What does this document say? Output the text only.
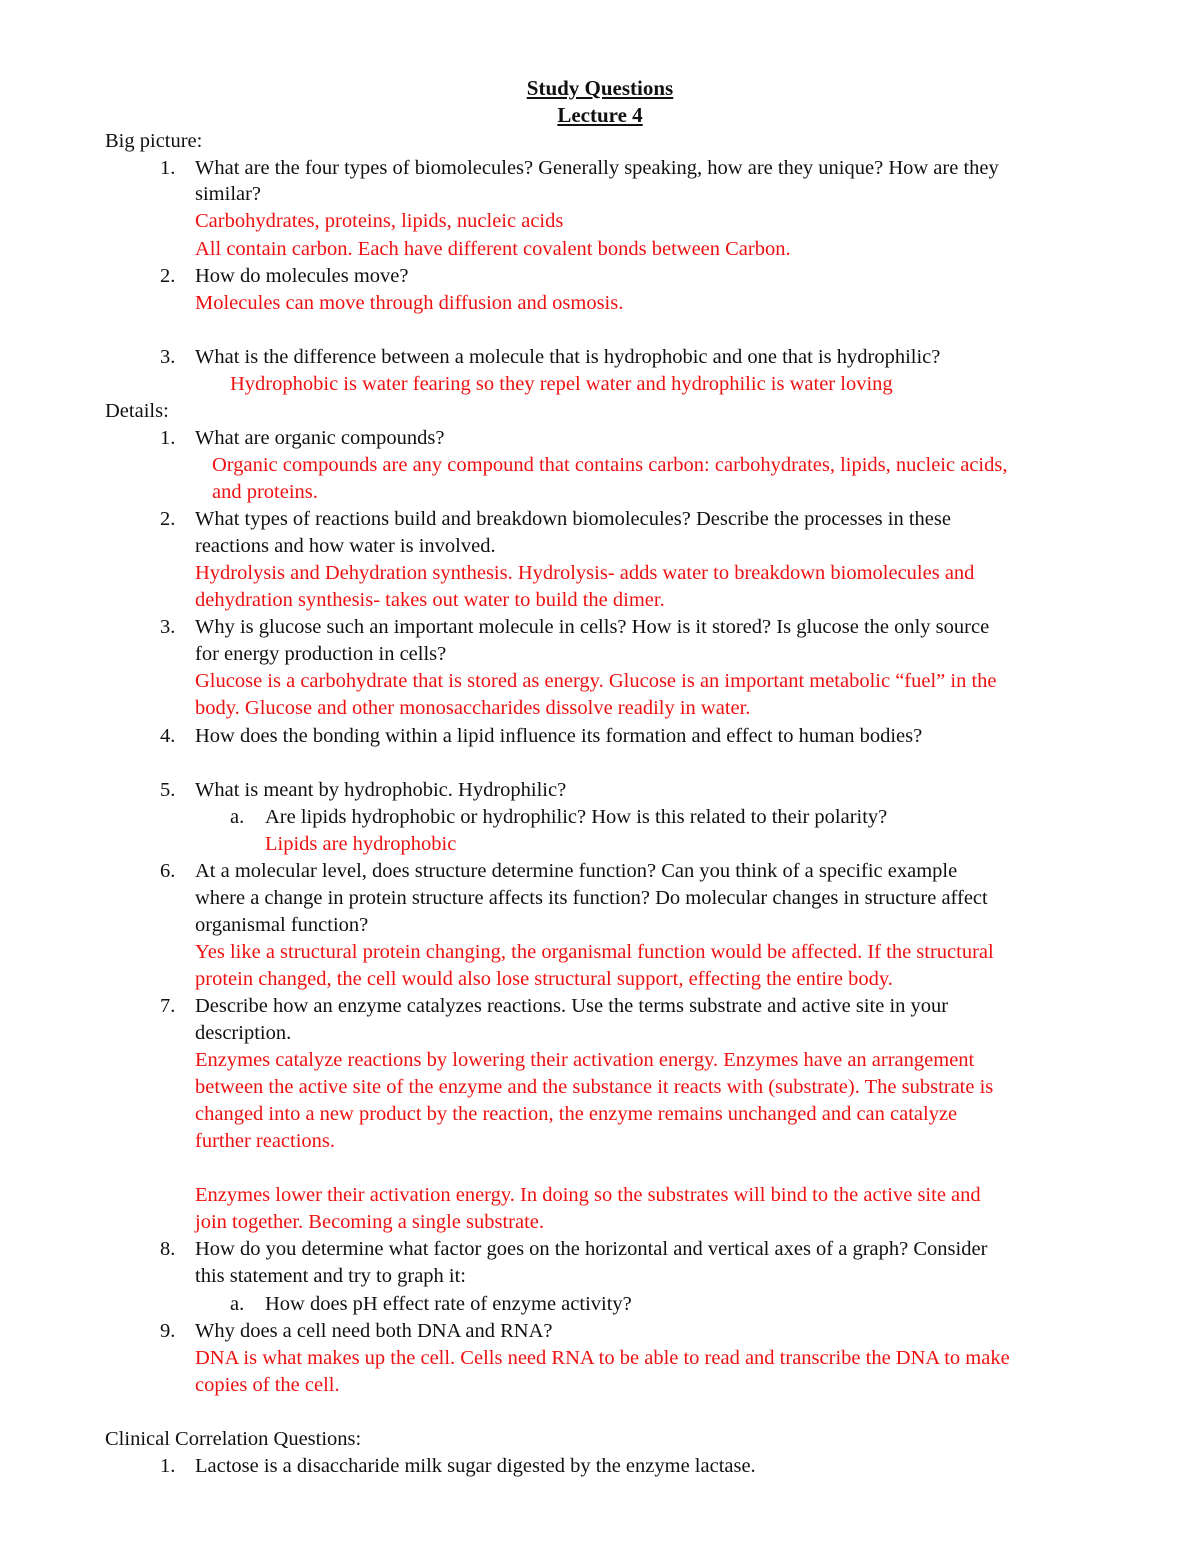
Study Questions
Lecture 4
Big picture:
1. What are the four types of biomolecules? Generally speaking, how are they unique? How are they
similar?
Carbohydrates, proteins, lipids, nucleic acids
All contain carbon. Each have different covalent bonds between Carbon.
2. How do molecules move?
Molecules can move through diffusion and osmosis.
3. What is the difference between a molecule that is hydrophobic and one that is hydrophilic?
Hydrophobic is water fearing so they repel water and hydrophilic is water loving
Details:
1. What are organic compounds?
Organic compounds are any compound that contains carbon: carbohydrates, lipids, nucleic acids,
and proteins.
2. What types of reactions build and breakdown biomolecules? Describe the processes in these
reactions and how water is involved.
Hydrolysis and Dehydration synthesis. Hydrolysis- adds water to breakdown biomolecules and
dehydration synthesis- takes out water to build the dimer.
3. Why is glucose such an important molecule in cells? How is it stored? Is glucose the only source
for energy production in cells?
Glucose is a carbohydrate that is stored as energy. Glucose is an important metabolic “fuel” in the
body. Glucose and other monosaccharides dissolve readily in water.
4. How does the bonding within a lipid influence its formation and effect to human bodies?
5. What is meant by hydrophobic. Hydrophilic?
a. Are lipids hydrophobic or hydrophilic? How is this related to their polarity?
Lipids are hydrophobic
6. At a molecular level, does structure determine function? Can you think of a specific example
where a change in protein structure affects its function? Do molecular changes in structure affect
organismal function?
Yes like a structural protein changing, the organismal function would be affected. If the structural
protein changed, the cell would also lose structural support, effecting the entire body.
7. Describe how an enzyme catalyzes reactions. Use the terms substrate and active site in your
description.
Enzymes catalyze reactions by lowering their activation energy. Enzymes have an arrangement
between the active site of the enzyme and the substance it reacts with (substrate). The substrate is
changed into a new product by the reaction, the enzyme remains unchanged and can catalyze
further reactions.
Enzymes lower their activation energy. In doing so the substrates will bind to the active site and
join together. Becoming a single substrate.
8. How do you determine what factor goes on the horizontal and vertical axes of a graph? Consider
this statement and try to graph it:
a. How does pH effect rate of enzyme activity?
9. Why does a cell need both DNA and RNA?
DNA is what makes up the cell. Cells need RNA to be able to read and transcribe the DNA to make
copies of the cell.
Clinical Correlation Questions:
1. Lactose is a disaccharide milk sugar digested by the enzyme lactase.
